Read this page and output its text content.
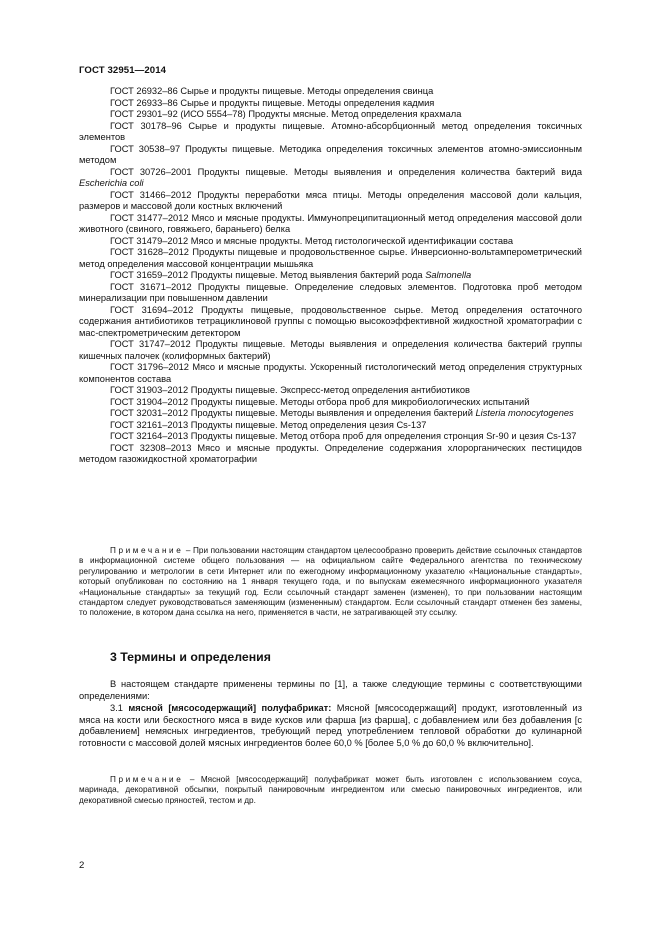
ГОСТ 32951—2014

ГОСТ 26932–86 Сырье и продукты пищевые. Методы определения свинца

ГОСТ 26933–86 Сырье и продукты пищевые. Методы определения кадмия

ГОСТ 29301–92 (ИСО 5554–78) Продукты мясные. Метод определения крахмала

ГОСТ 30178–96 Сырье и продукты пищевые. Атомно-абсорбционный метод определения токсичных элементов

ГОСТ 30538–97 Продукты пищевые. Методика определения токсичных элементов атомно-эмиссионным методом

ГОСТ 30726–2001 Продукты пищевые. Методы выявления и определения количества бактерий вида Escherichia coli

ГОСТ 31466–2012 Продукты переработки мяса птицы. Методы определения массовой доли кальция, размеров и массовой доли костных включений

ГОСТ 31477–2012 Мясо и мясные продукты. Иммунопреципитационный метод определения массовой доли животного (свиного, говяжьего, бараньего) белка

ГОСТ 31479–2012 Мясо и мясные продукты. Метод гистологической идентификации состава

ГОСТ 31628–2012 Продукты пищевые и продовольственное сырье. Инверсионно-вольтамперометрический метод определения массовой концентрации мышьяка

ГОСТ 31659–2012 Продукты пищевые. Метод выявления бактерий рода Salmonella

ГОСТ 31671–2012 Продукты пищевые. Определение следовых элементов. Подготовка проб методом минерализации при повышенном давлении

ГОСТ 31694–2012 Продукты пищевые, продовольственное сырье. Метод определения остаточного содержания антибиотиков тетрациклиновой группы с помощью высокоэффективной жидкостной хроматографии с мас-спектрометрическим детектором

ГОСТ 31747–2012 Продукты пищевые. Методы выявления и определения количества бактерий группы кишечных палочек (колиформных бактерий)

ГОСТ 31796–2012 Мясо и мясные продукты. Ускоренный гистологический метод определения структурных компонентов состава

ГОСТ 31903–2012 Продукты пищевые. Экспресс-метод определения антибиотиков

ГОСТ 31904–2012 Продукты пищевые. Методы отбора проб для микробиологических испытаний

ГОСТ 32031–2012 Продукты пищевые. Методы выявления и определения бактерий Listeria monocytogenes

ГОСТ 32161–2013 Продукты пищевые. Метод определения цезия Cs-137

ГОСТ 32164–2013 Продукты пищевые. Метод отбора проб для определения стронция Sr-90 и цезия Cs-137

ГОСТ 32308–2013 Мясо и мясные продукты. Определение содержания хлорорганических пестицидов методом газожидкостной хроматографии

Примечание – При пользовании настоящим стандартом целесообразно проверить действие ссылочных стандартов в информационной системе общего пользования — на официальном сайте Федерального агентства по техническому регулированию и метрологии в сети Интернет или по ежегодному информационному указателю «Национальные стандарты», который опубликован по состоянию на 1 января текущего года, и по выпускам ежемесячного информационного указателя «Национальные стандарты» за текущий год. Если ссылочный стандарт заменен (изменен), то при пользовании настоящим стандартом следует руководствоваться заменяющим (измененным) стандартом. Если ссылочный стандарт отменен без замены, то положение, в котором дана ссылка на него, применяется в части, не затрагивающей эту ссылку.

3 Термины и определения

В настоящем стандарте применены термины по [1], а также следующие термины с соответствующими определениями:

3.1 мясной [мясосодержащий] полуфабрикат: Мясной [мясосодержащий] продукт, изготовленный из мяса на кости или бескостного мяса в виде кусков или фарша [из фарша], с добавлением или без добавления [с добавлением] немясных ингредиентов, требующий перед употреблением тепловой обработки до кулинарной готовности с массовой долей мясных ингредиентов более 60,0 % [более 5,0 % до 60,0 % включительно].

Примечание – Мясной [мясосодержащий] полуфабрикат может быть изготовлен с использованием соуса, маринада, декоративной обсыпки, покрытый панировочным ингредиентом или смесью панировочных ингредиентов, или декоративной смесью пряностей, тестом и др.

2
